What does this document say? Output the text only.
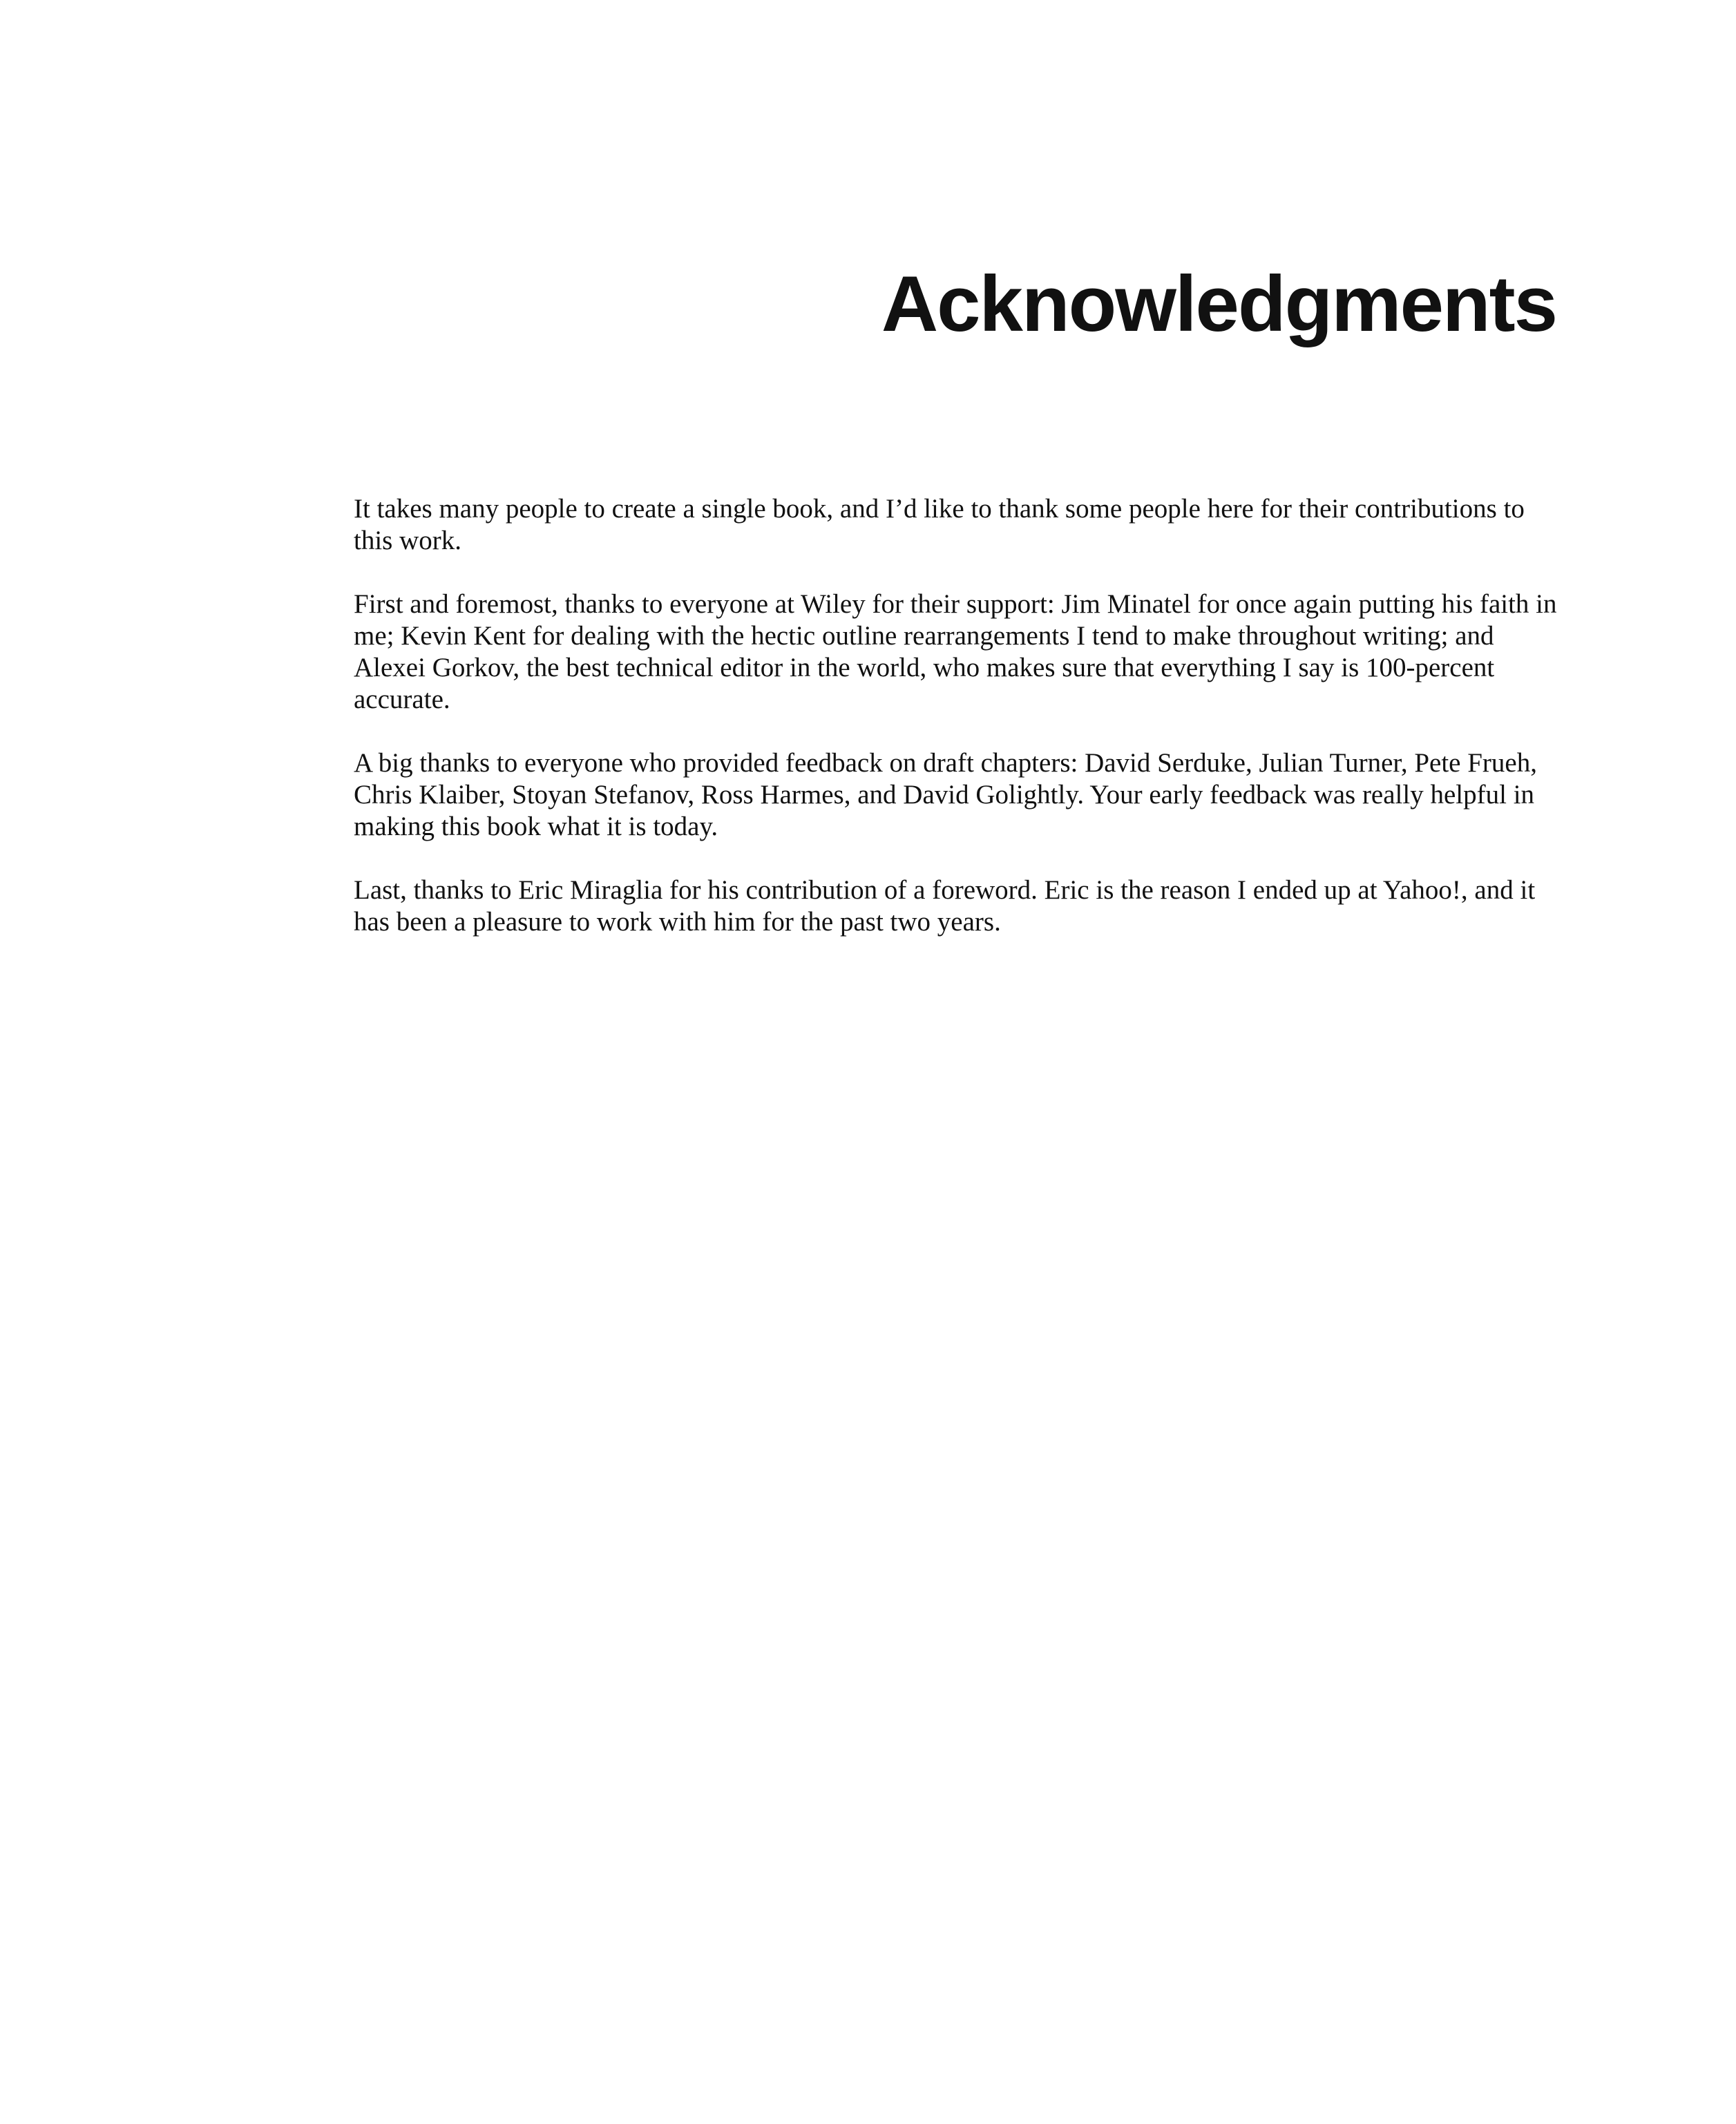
Acknowledgments

It takes many people to create a single book, and I’d like to thank some people here for their contributions to this work.

First and foremost, thanks to everyone at Wiley for their support: Jim Minatel for once again putting his faith in me; Kevin Kent for dealing with the hectic outline rearrangements I tend to make throughout writing; and Alexei Gorkov, the best technical editor in the world, who makes sure that everything I say is 100-percent accurate.

A big thanks to everyone who provided feedback on draft chapters: David Serduke, Julian Turner, Pete Frueh, Chris Klaiber, Stoyan Stefanov, Ross Harmes, and David Golightly. Your early feedback was really helpful in making this book what it is today.

Last, thanks to Eric Miraglia for his contribution of a foreword. Eric is the reason I ended up at Yahoo!, and it has been a pleasure to work with him for the past two years.
